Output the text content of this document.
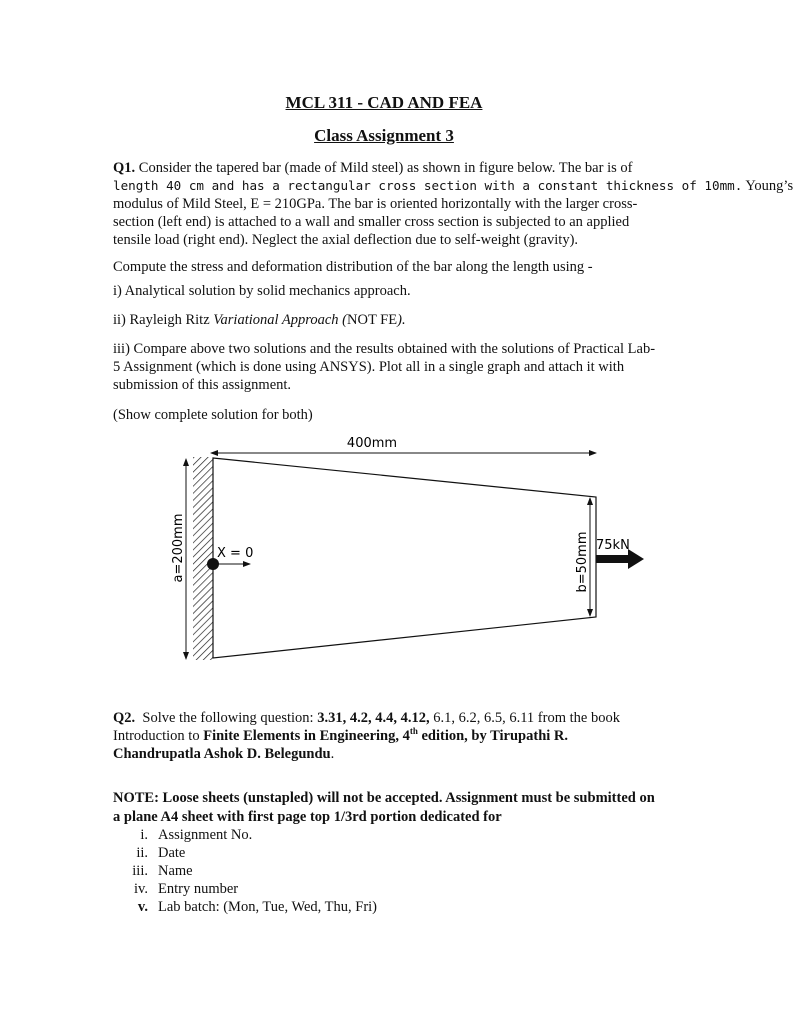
MCL 311 - CAD AND FEA
Class Assignment 3
Q1. Consider the tapered bar (made of Mild steel) as shown in figure below. The bar is of
length 40 cm and has a rectangular cross section with a constant thickness of 10mm. Young’s
modulus of Mild Steel, E = 210GPa. The bar is oriented horizontally with the larger cross-
section (left end) is attached to a wall and smaller cross section is subjected to an applied
tensile load (right end). Neglect the axial deflection due to self-weight (gravity).
Compute the stress and deformation distribution of the bar along the length using -
i) Analytical solution by solid mechanics approach.
ii) Rayleigh Ritz Variational Approach (NOT FE).
iii) Compare above two solutions and the results obtained with the solutions of Practical Lab-
5 Assignment (which is done using ANSYS). Plot all in a single graph and attach it with
submission of this assignment.
(Show complete solution for both)
400mm
a=200mm X = 0	b=50mm 75kN
Q2. Solve the following question: 3.31, 4.2, 4.4, 4.12, 6.1, 6.2, 6.5, 6.11 from the book
Introduction to Finite Elements in Engineering, 4th edition, by Tirupathi R.
Chandrupatla Ashok D. Belegundu.
NOTE: Loose sheets (unstapled) will not be accepted. Assignment must be submitted on
a plane A4 sheet with first page top 1/3rd portion dedicated for
i. Assignment No.
ii. Date
iii. Name
iv. Entry number
v. Lab batch: (Mon, Tue, Wed, Thu, Fri)
